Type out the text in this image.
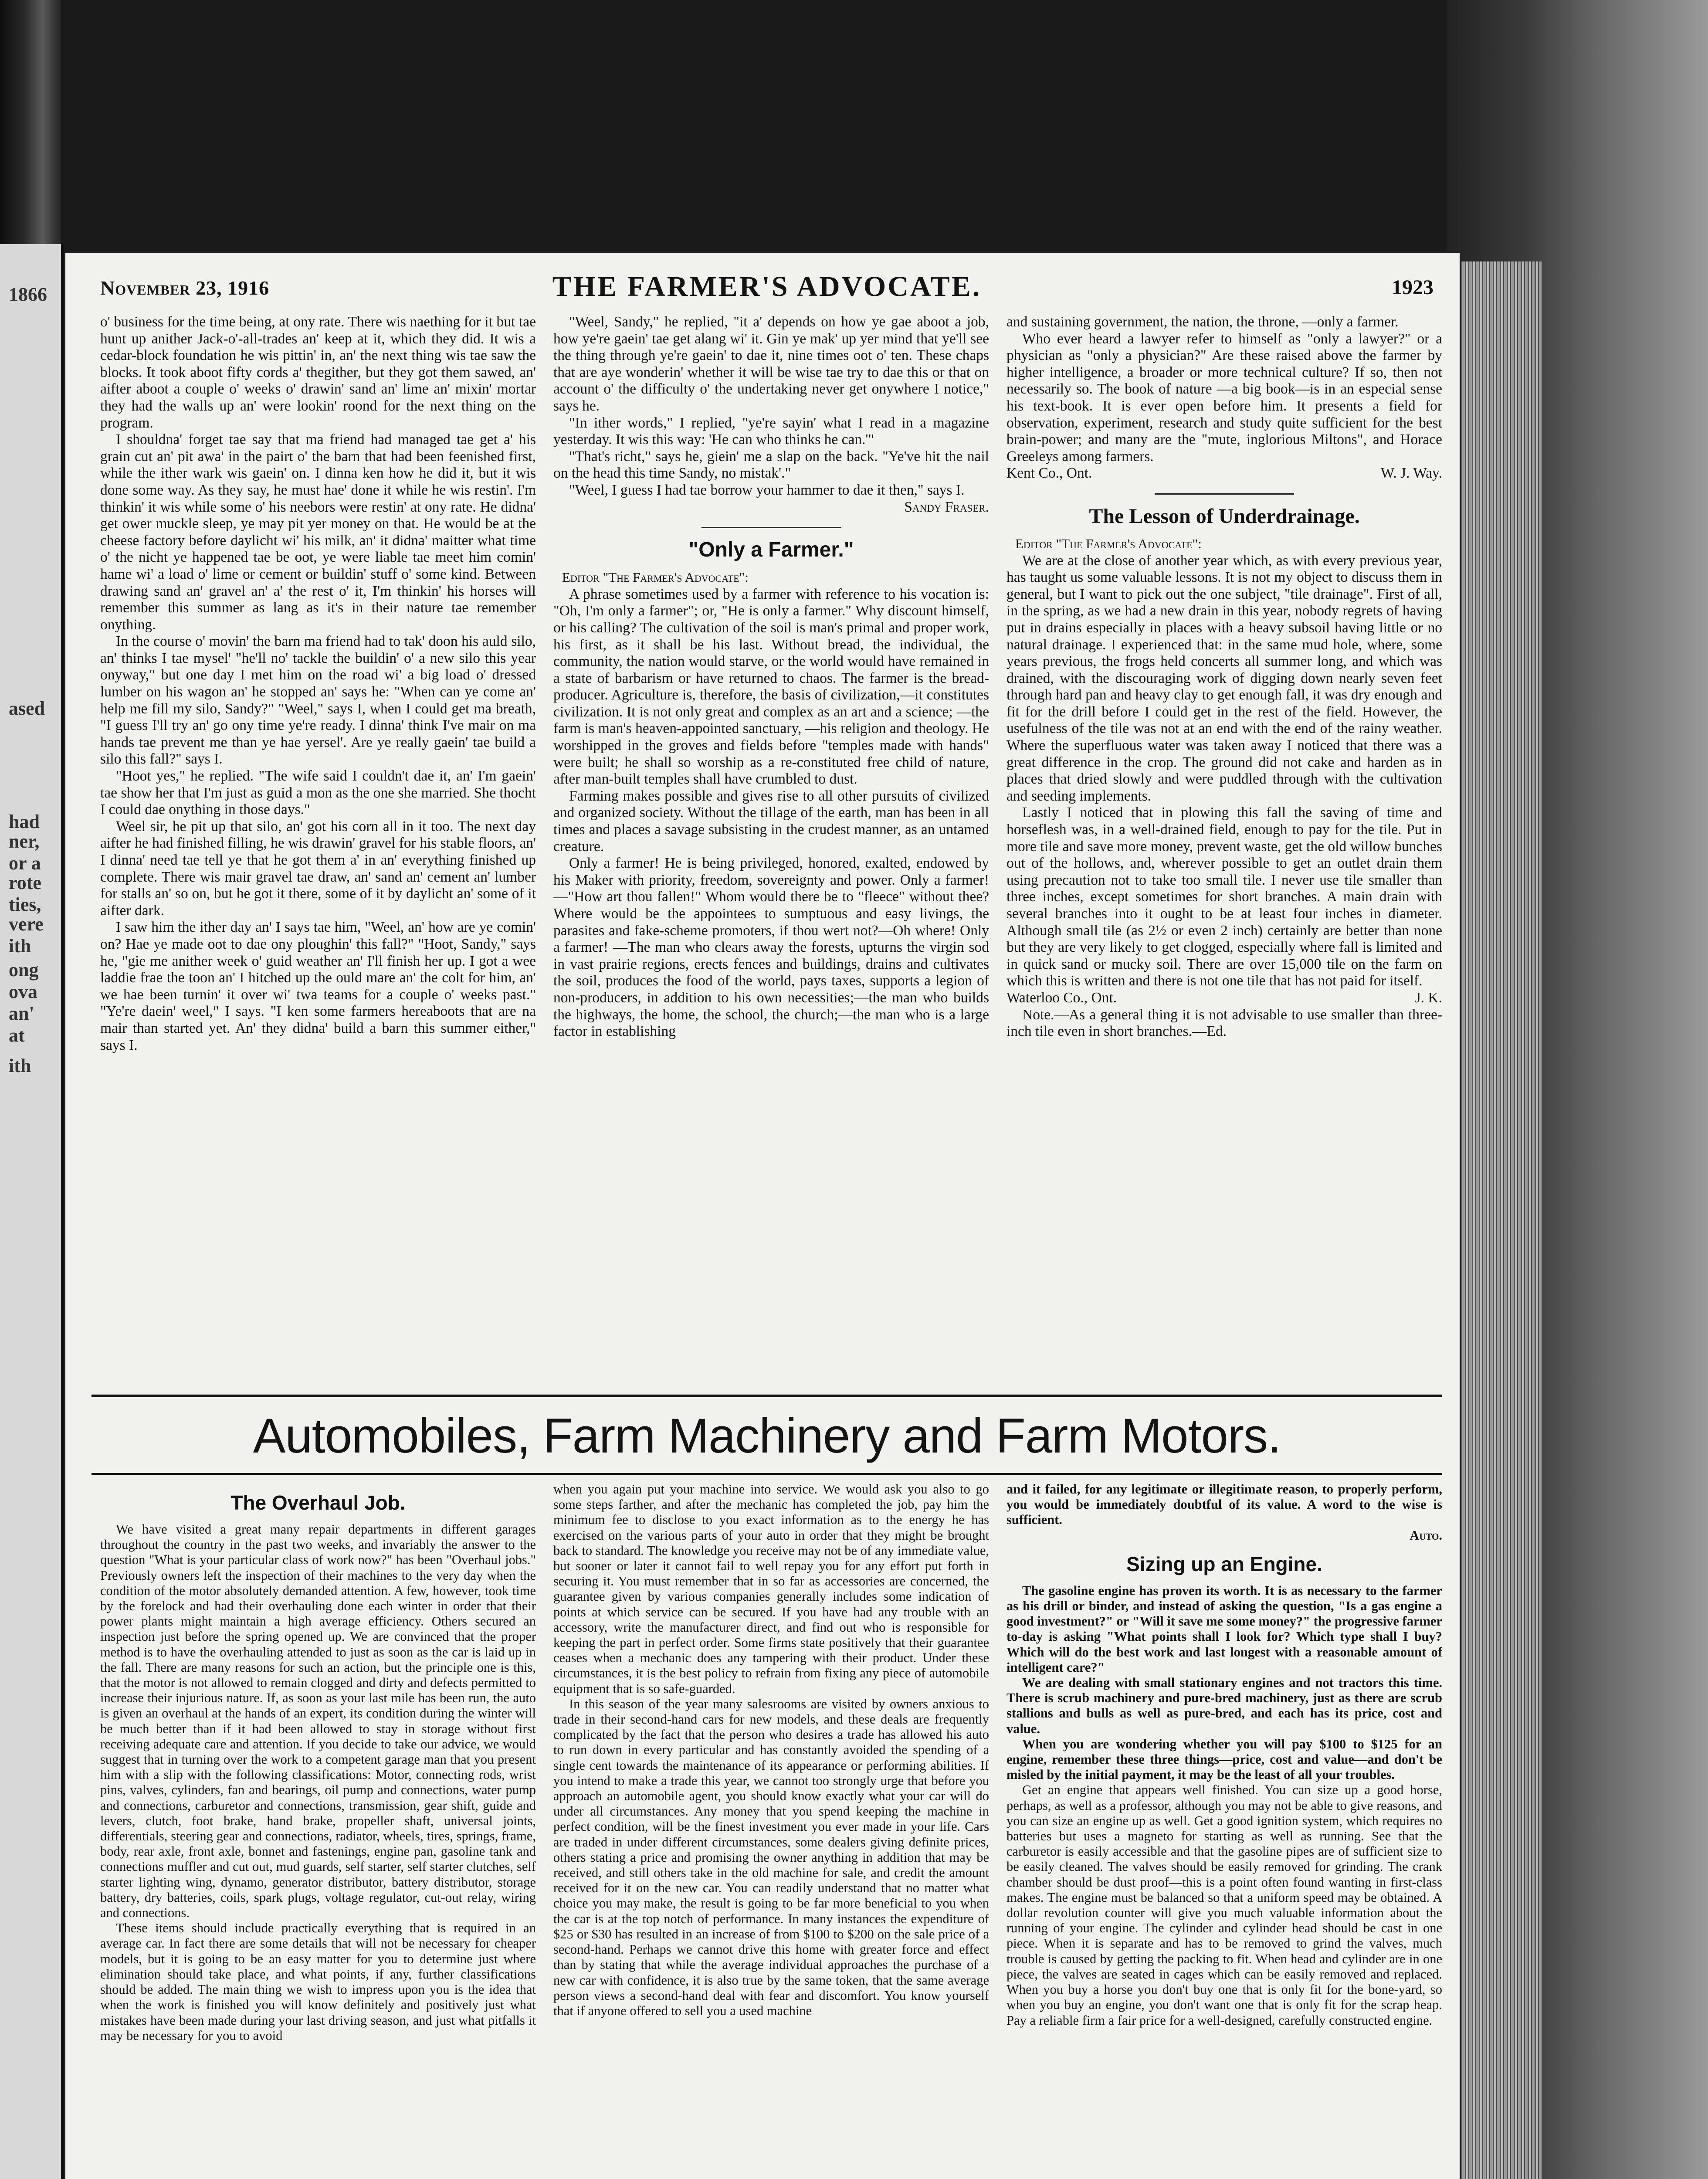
1866
ased
had
ner,
or a
rote
ties,
vere
ith
ong
ova
an'
at
ith
November 23, 1916	THE FARMER'S ADVOCATE.	1923

o' business for the time being, at ony rate. There wis naething for it but tae hunt up anither Jack-o'-all-trades an' keep at it, which they did. It wis a cedar-block foundation he wis pittin' in, an' the next thing wis tae saw the blocks. It took aboot fifty cords a' thegither, but they got them sawed, an' aifter aboot a couple o' weeks o' drawin' sand an' lime an' mixin' mortar they had the walls up an' were lookin' roond for the next thing on the program.

I shouldna' forget tae say that ma friend had managed tae get a' his grain cut an' pit awa' in the pairt o' the barn that had been feenished first, while the ither wark wis gaein' on. I dinna ken how he did it, but it wis done some way. As they say, he must hae' done it while he wis restin'. I'm thinkin' it wis while some o' his neebors were restin' at ony rate. He didna' get ower muckle sleep, ye may pit yer money on that. He would be at the cheese factory before daylicht wi' his milk, an' it didna' maitter what time o' the nicht ye happened tae be oot, ye were liable tae meet him comin' hame wi' a load o' lime or cement or buildin' stuff o' some kind. Between drawing sand an' gravel an' a' the rest o' it, I'm thinkin' his horses will remember this summer as lang as it's in their nature tae remember onything.

In the course o' movin' the barn ma friend had to tak' doon his auld silo, an' thinks I tae mysel' "he'll no' tackle the buildin' o' a new silo this year onyway," but one day I met him on the road wi' a big load o' dressed lumber on his wagon an' he stopped an' says he: "When can ye come an' help me fill my silo, Sandy?" "Weel," says I, when I could get ma breath, "I guess I'll try an' go ony time ye're ready. I dinna' think I've mair on ma hands tae prevent me than ye hae yersel'. Are ye really gaein' tae build a silo this fall?" says I.

"Hoot yes," he replied. "The wife said I couldn't dae it, an' I'm gaein' tae show her that I'm just as guid a mon as the one she married. She thocht I could dae onything in those days."

Weel sir, he pit up that silo, an' got his corn all in it too. The next day aifter he had finished filling, he wis drawin' gravel for his stable floors, an' I dinna' need tae tell ye that he got them a' in an' everything finished up complete. There wis mair gravel tae draw, an' sand an' cement an' lumber for stalls an' so on, but he got it there, some of it by daylicht an' some of it aifter dark.

I saw him the ither day an' I says tae him, "Weel, an' how are ye comin' on? Hae ye made oot to dae ony ploughin' this fall?" "Hoot, Sandy," says he, "gie me anither week o' guid weather an' I'll finish her up. I got a wee laddie frae the toon an' I hitched up the ould mare an' the colt for him, an' we hae been turnin' it over wi' twa teams for a couple o' weeks past." "Ye're daein' weel," I says. "I ken some farmers hereaboots that are na mair than started yet. An' they didna' build a barn this summer either," says I.

"Weel, Sandy," he replied, "it a' depends on how ye gae aboot a job, how ye're gaein' tae get alang wi' it. Gin ye mak' up yer mind that ye'll see the thing through ye're gaein' to dae it, nine times oot o' ten. These chaps that are aye wonderin' whether it will be wise tae try to dae this or that on account o' the difficulty o' the undertaking never get onywhere I notice," says he.

"In ither words," I replied, "ye're sayin' what I read in a magazine yesterday. It wis this way: 'He can who thinks he can.'"

"That's richt," says he, giein' me a slap on the back. "Ye've hit the nail on the head this time Sandy, no mistak'."

"Weel, I guess I had tae borrow your hammer to dae it then," says I.

Sandy Fraser.

"Only a Farmer."

Editor "The Farmer's Advocate":

A phrase sometimes used by a farmer with reference to his vocation is: "Oh, I'm only a farmer"; or, "He is only a farmer." Why discount himself, or his calling? The cultivation of the soil is man's primal and proper work, his first, as it shall be his last. Without bread, the individual, the community, the nation would starve, or the world would have remained in a state of barbarism or have returned to chaos. The farmer is the bread-producer. Agriculture is, therefore, the basis of civilization,—it constitutes civilization. It is not only great and complex as an art and a science; —the farm is man's heaven-appointed sanctuary, —his religion and theology. He worshipped in the groves and fields before "temples made with hands" were built; he shall so worship as a re-constituted free child of nature, after man-built temples shall have crumbled to dust.

Farming makes possible and gives rise to all other pursuits of civilized and organized society. Without the tillage of the earth, man has been in all times and places a savage subsisting in the crudest manner, as an untamed creature.

Only a farmer! He is being privileged, honored, exalted, endowed by his Maker with priority, freedom, sovereignty and power. Only a farmer!—"How art thou fallen!" Whom would there be to "fleece" without thee? Where would be the appointees to sumptuous and easy livings, the parasites and fake-scheme promoters, if thou wert not?—Oh where! Only a farmer! —The man who clears away the forests, upturns the virgin sod in vast prairie regions, erects fences and buildings, drains and cultivates the soil, produces the food of the world, pays taxes, supports a legion of non-producers, in addition to his own necessities;—the man who builds the highways, the home, the school, the church;—the man who is a large factor in establishing

and sustaining government, the nation, the throne, —only a farmer.

Who ever heard a lawyer refer to himself as "only a lawyer?" or a physician as "only a physician?" Are these raised above the farmer by higher intelligence, a broader or more technical culture? If so, then not necessarily so. The book of nature —a big book—is in an especial sense his text-book. It is ever open before him. It presents a field for observation, experiment, research and study quite sufficient for the best brain-power; and many are the "mute, inglorious Miltons", and Horace Greeleys among farmers.

Kent Co., Ont.	W. J. Way.

The Lesson of Underdrainage.

Editor "The Farmer's Advocate":

We are at the close of another year which, as with every previous year, has taught us some valuable lessons. It is not my object to discuss them in general, but I want to pick out the one subject, "tile drainage". First of all, in the spring, as we had a new drain in this year, nobody regrets of having put in drains especially in places with a heavy subsoil having little or no natural drainage. I experienced that: in the same mud hole, where, some years previous, the frogs held concerts all summer long, and which was drained, with the discouraging work of digging down nearly seven feet through hard pan and heavy clay to get enough fall, it was dry enough and fit for the drill before I could get in the rest of the field. However, the usefulness of the tile was not at an end with the end of the rainy weather. Where the superfluous water was taken away I noticed that there was a great difference in the crop. The ground did not cake and harden as in places that dried slowly and were puddled through with the cultivation and seeding implements.

Lastly I noticed that in plowing this fall the saving of time and horseflesh was, in a well-drained field, enough to pay for the tile. Put in more tile and save more money, prevent waste, get the old willow bunches out of the hollows, and, wherever possible to get an outlet drain them using precaution not to take too small tile. I never use tile smaller than three inches, except sometimes for short branches. A main drain with several branches into it ought to be at least four inches in diameter. Although small tile (as 2½ or even 2 inch) certainly are better than none but they are very likely to get clogged, especially where fall is limited and in quick sand or mucky soil. There are over 15,000 tile on the farm on which this is written and there is not one tile that has not paid for itself.

Waterloo Co., Ont.	J. K.

Note.—As a general thing it is not advisable to use smaller than three-inch tile even in short branches.—Ed.

Automobiles, Farm Machinery and Farm Motors.

The Overhaul Job.

We have visited a great many repair departments in different garages throughout the country in the past two weeks, and invariably the answer to the question "What is your particular class of work now?" has been "Overhaul jobs." Previously owners left the inspection of their machines to the very day when the condition of the motor absolutely demanded attention. A few, however, took time by the forelock and had their overhauling done each winter in order that their power plants might maintain a high average efficiency. Others secured an inspection just before the spring opened up. We are convinced that the proper method is to have the overhauling attended to just as soon as the car is laid up in the fall. There are many reasons for such an action, but the principle one is this, that the motor is not allowed to remain clogged and dirty and defects permitted to increase their injurious nature. If, as soon as your last mile has been run, the auto is given an overhaul at the hands of an expert, its condition during the winter will be much better than if it had been allowed to stay in storage without first receiving adequate care and attention. If you decide to take our advice, we would suggest that in turning over the work to a competent garage man that you present him with a slip with the following classifications: Motor, connecting rods, wrist pins, valves, cylinders, fan and bearings, oil pump and connections, water pump and connections, carburetor and connections, transmission, gear shift, guide and levers, clutch, foot brake, hand brake, propeller shaft, universal joints, differentials, steering gear and connections, radiator, wheels, tires, springs, frame, body, rear axle, front axle, bonnet and fastenings, engine pan, gasoline tank and connections muffler and cut out, mud guards, self starter, self starter clutches, self starter lighting wing, dynamo, generator distributor, battery distributor, storage battery, dry batteries, coils, spark plugs, voltage regulator, cut-out relay, wiring and connections.

These items should include practically everything that is required in an average car. In fact there are some details that will not be necessary for cheaper models, but it is going to be an easy matter for you to determine just where elimination should take place, and what points, if any, further classifications should be added. The main thing we wish to impress upon you is the idea that when the work is finished you will know definitely and positively just what mistakes have been made during your last driving season, and just what pitfalls it may be necessary for you to avoid

when you again put your machine into service. We would ask you also to go some steps farther, and after the mechanic has completed the job, pay him the minimum fee to disclose to you exact information as to the energy he has exercised on the various parts of your auto in order that they might be brought back to standard. The knowledge you receive may not be of any immediate value, but sooner or later it cannot fail to well repay you for any effort put forth in securing it. You must remember that in so far as accessories are concerned, the guarantee given by various companies generally includes some indication of points at which service can be secured. If you have had any trouble with an accessory, write the manufacturer direct, and find out who is responsible for keeping the part in perfect order. Some firms state positively that their guarantee ceases when a mechanic does any tampering with their product. Under these circumstances, it is the best policy to refrain from fixing any piece of automobile equipment that is so safe-guarded.

In this season of the year many salesrooms are visited by owners anxious to trade in their second-hand cars for new models, and these deals are frequently complicated by the fact that the person who desires a trade has allowed his auto to run down in every particular and has constantly avoided the spending of a single cent towards the maintenance of its appearance or performing abilities. If you intend to make a trade this year, we cannot too strongly urge that before you approach an automobile agent, you should know exactly what your car will do under all circumstances. Any money that you spend keeping the machine in perfect condition, will be the finest investment you ever made in your life. Cars are traded in under different circumstances, some dealers giving definite prices, others stating a price and promising the owner anything in addition that may be received, and still others take in the old machine for sale, and credit the amount received for it on the new car. You can readily understand that no matter what choice you may make, the result is going to be far more beneficial to you when the car is at the top notch of performance. In many instances the expenditure of $25 or $30 has resulted in an increase of from $100 to $200 on the sale price of a second-hand. Perhaps we cannot drive this home with greater force and effect than by stating that while the average individual approaches the purchase of a new car with confidence, it is also true by the same token, that the same average person views a second-hand deal with fear and discomfort. You know yourself that if anyone offered to sell you a used machine

and it failed, for any legitimate or illegitimate reason, to properly perform, you would be immediately doubtful of its value. A word to the wise is sufficient.

Auto.

Sizing up an Engine.

The gasoline engine has proven its worth. It is as necessary to the farmer as his drill or binder, and instead of asking the question, "Is a gas engine a good investment?" or "Will it save me some money?" the progressive farmer to-day is asking "What points shall I look for? Which type shall I buy? Which will do the best work and last longest with a reasonable amount of intelligent care?"

We are dealing with small stationary engines and not tractors this time. There is scrub machinery and pure-bred machinery, just as there are scrub stallions and bulls as well as pure-bred, and each has its price, cost and value.

When you are wondering whether you will pay $100 to $125 for an engine, remember these three things—price, cost and value—and don't be misled by the initial payment, it may be the least of all your troubles.

Get an engine that appears well finished. You can size up a good horse, perhaps, as well as a professor, although you may not be able to give reasons, and you can size an engine up as well. Get a good ignition system, which requires no batteries but uses a magneto for starting as well as running. See that the carburetor is easily accessible and that the gasoline pipes are of sufficient size to be easily cleaned. The valves should be easily removed for grinding. The crank chamber should be dust proof—this is a point often found wanting in first-class makes. The engine must be balanced so that a uniform speed may be obtained. A dollar revolution counter will give you much valuable information about the running of your engine. The cylinder and cylinder head should be cast in one piece. When it is separate and has to be removed to grind the valves, much trouble is caused by getting the packing to fit. When head and cylinder are in one piece, the valves are seated in cages which can be easily removed and replaced. When you buy a horse you don't buy one that is only fit for the bone-yard, so when you buy an engine, you don't want one that is only fit for the scrap heap. Pay a reliable firm a fair price for a well-designed, carefully constructed engine.
